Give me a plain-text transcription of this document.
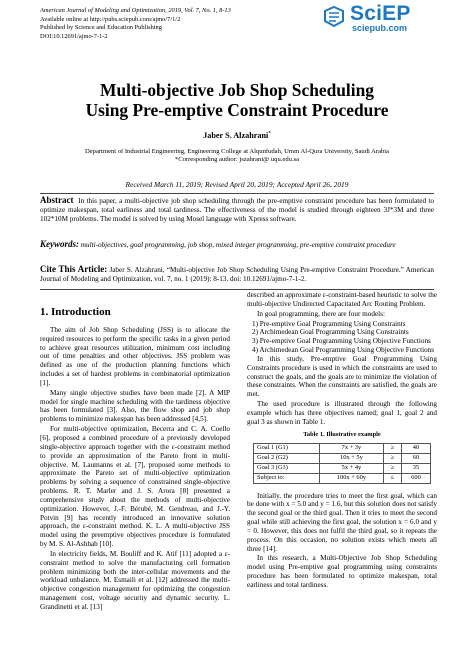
American Journal of Modeling and Optimization, 2019, Vol. 7, No. 1, 8-13
Available online at http://pubs.sciepub.com/ajmo/7/1/2
Published by Science and Education Publishing
DOI:10.12691/ajmo-7-1-2
SciEP
sciepub.com
Multi-objective Job Shop Scheduling
Using Pre-emptive Constraint Procedure
Jaber S. Alzahrani*
Department of Industrial Engineering, Engineering College at Alqunfudah, Umm Al-Qura University, Saudi Arabia
*Corresponding author: jszahrani@ uqu.edu.sa
Received March 11, 2019; Revised April 20, 2019; Accepted April 26, 2019
Abstract In this paper, a multi-objective job shop scheduling through the pre-emptive constraint procedure has been formulated to optimize makespan, total earliness and total tardiness. The effectiveness of the model is studied through eighteen 3J*3M and three 102*10M problems. The model is solved by using Mosel language with Xpress software.
Keywords: multi-objectives, goal programming, job shop, mixed integer programming, pre-emptive constraint procedure
Cite This Article: Jaber S. Alzahrani, “Multi-objective Job Shop Scheduling Using Pre-emptive Constraint Procedure.” American Journal of Modeling and Optimization, vol. 7, no. 1 (2019): 8-13. doi: 10.12691/ajmo-7-1-2.
1. Introduction

The aim of Job Shop Scheduling (JSS) is to allocate the required resources to perform the specific tasks in a given period to achieve great resources utilization, minimum cost including out of time penalties and other objectives. JSS problem was defined as one of the production planning functions which includes a set of hardest problems in combinatorial optimization [1].

Many single objective studies have been made [2]. A MIP model for single machine scheduling with the tardiness objective has been formulated [3]. Also, the flow shop and job shop problems to minimize makespan has been addressed [4,5].

For multi-objective optimization, Becerra and C. A. Coello [6], proposed a combined procedure of a previously developed single-objective approach together with the ε-constraint method to provide an approximation of the Pareto front in multi-objective. M. Laumanns et al. [7], proposed some methods to approximate the Pareto set of multi-objective optimization problems by solving a sequence of constrained single-objective problems. R. T. Marler and J. S. Arora [8] presented a comprehensive study about the methods of multi-objective optimization. However, J.-F. Bérubé, M. Gendreau, and J.-Y. Potvin [9] has recently introduced an innovative solution approach, the ε-constraint method. K. L. A multi-objective JSS model using the preemptive objectives procedure is formulated by M. S. Al-Ashhab [10].

In electricity fields, M. Bouliff and K. Atif [11] adopted a ε-constraint method to solve the manufacturing cell formation problem minimizing both the inter-cellular movements and the workload unbalance. M. Esmaili et al. [12] addressed the multi-objective congestion management for optimizing the congestion management cost, voltage security and dynamic security. L. Grandinetti et al. [13]

described an approximate ε-constraint-based heuristic to solve the multi-objective Undirected Capacitated Arc Routing Problem.

In goal programming, there are four models:

1) Pre-emptive Goal Programming Using Constraints

2) Archimedean Goal Programming Using Constraints

3) Pre-emptive Goal Programming Using Objective Functions

4) Archimedean Goal Programming Using Objective Functions

In this study, Pre-emptive Goal Programming Using Constraints procedure is used in which the constraints are used to construct the goals, and the goals are to minimize the violation of these constraints. When the constraints are satisfied, the goals are met.

The used procedure is illustrated through the following example which has three objectives named; goal 1, goal 2 and goal 3 as shown in Table 1.

Table 1. Illustrative example
Goal 1 (G1)	7x + 3y	≥	40
Goal 2 (G2)	10x + 5y	≥	60
Goal 3 (G3)	5x + 4y	≥	35
Subject to:	100x + 60y	≤	600

Initially, the procedure tries to meet the first goal, which can be done with x = 5.0 and y = 1.6, but this solution does not satisfy the second goal or the third goal. Then it tries to meet the second goal while still achieving the first goal, the solution x = 6.0 and y = 0. However, this does not fulfil the third goal, so it repeats the process. On this occasion, no solution exists which meets all three [14].

In this research, a Multi-Objective Job Shop Scheduling model using Pre-emptive goal programming using constraints procedure has been formulated to optimize makespan, total earliness and total tardiness.
